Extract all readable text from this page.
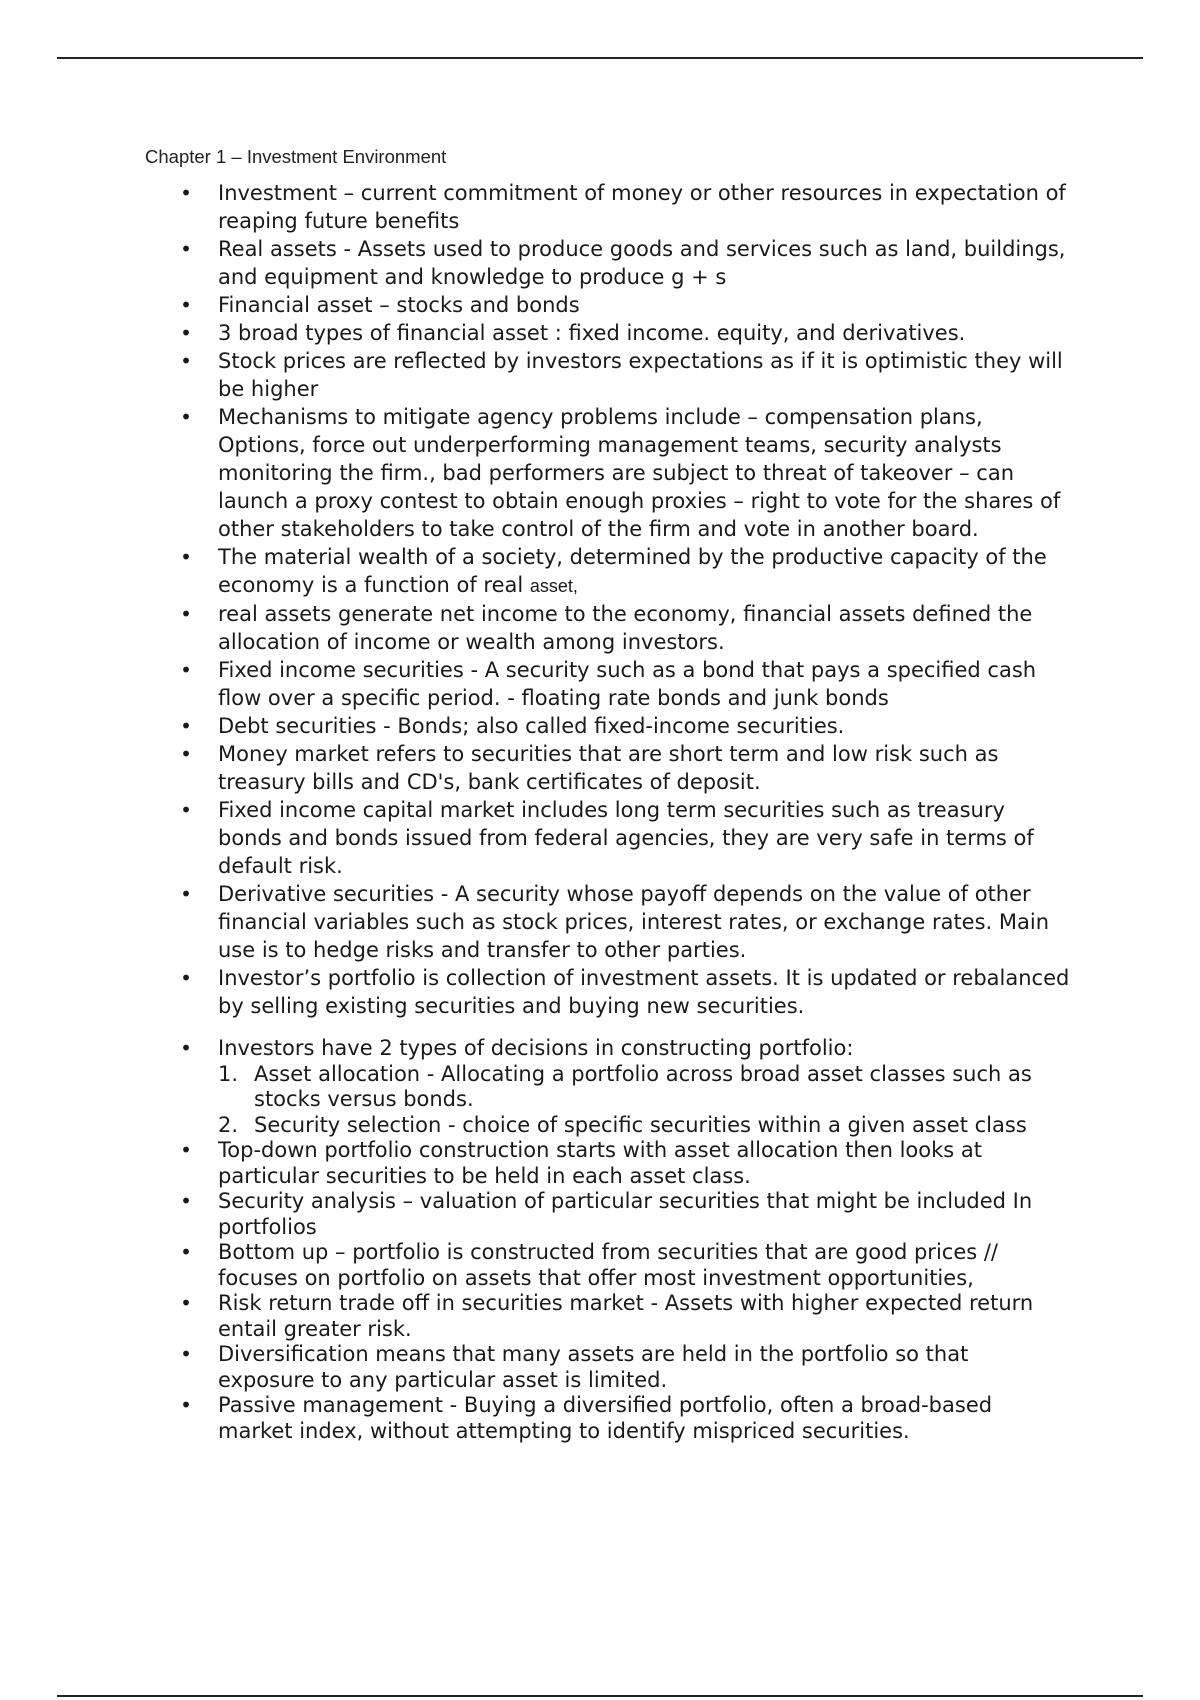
Chapter 1 – Investment Environment
• Investment – current commitment of money or other resources in expectation of reaping future benefits
• Real assets - Assets used to produce goods and services such as land, buildings, and equipment and knowledge to produce g + s
• Financial asset – stocks and bonds
• 3 broad types of financial asset : fixed income. equity, and derivatives.
• Stock prices are reflected by investors expectations as if it is optimistic they will be higher
• Mechanisms to mitigate agency problems include – compensation plans, Options, force out underperforming management teams, security analysts monitoring the firm., bad performers are subject to threat of takeover – can launch a proxy contest to obtain enough proxies – right to vote for the shares of other stakeholders to take control of the firm and vote in another board.
• The material wealth of a society, determined by the productive capacity of the economy is a function of real asset,
• real assets generate net income to the economy, financial assets defined the allocation of income or wealth among investors.
• Fixed income securities - A security such as a bond that pays a specified cash flow over a specific period. - floating rate bonds and junk bonds
• Debt securities - Bonds; also called fixed-income securities.
• Money market refers to securities that are short term and low risk such as treasury bills and CD's, bank certificates of deposit.
• Fixed income capital market includes long term securities such as treasury bonds and bonds issued from federal agencies, they are very safe in terms of default risk.
• Derivative securities - A security whose payoff depends on the value of other financial variables such as stock prices, interest rates, or exchange rates. Main use is to hedge risks and transfer to other parties.
• Investor’s portfolio is collection of investment assets. It is updated or rebalanced by selling existing securities and buying new securities.
• Investors have 2 types of decisions in constructing portfolio:
1. Asset allocation - Allocating a portfolio across broad asset classes such as stocks versus bonds.
2. Security selection - choice of specific securities within a given asset class
• Top-down portfolio construction starts with asset allocation then looks at particular securities to be held in each asset class.
• Security analysis – valuation of particular securities that might be included In portfolios
• Bottom up – portfolio is constructed from securities that are good prices // focuses on portfolio on assets that offer most investment opportunities,
• Risk return trade off in securities market - Assets with higher expected return entail greater risk.
• Diversification means that many assets are held in the portfolio so that exposure to any particular asset is limited.
• Passive management - Buying a diversified portfolio, often a broad-based market index, without attempting to identify mispriced securities.
